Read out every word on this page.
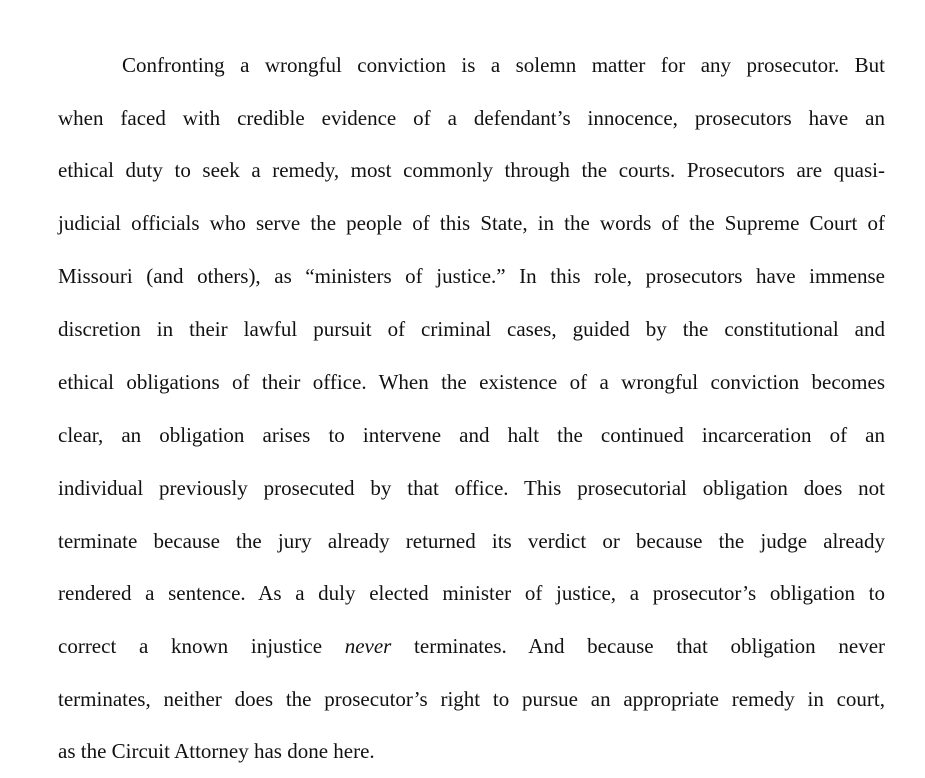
Confronting a wrongful conviction is a solemn matter for any prosecutor. But
when faced with credible evidence of a defendant’s innocence, prosecutors have an
ethical duty to seek a remedy, most commonly through the courts. Prosecutors are quasi-
judicial officials who serve the people of this State, in the words of the Supreme Court of
Missouri (and others), as “ministers of justice.” In this role, prosecutors have immense
discretion in their lawful pursuit of criminal cases, guided by the constitutional and
ethical obligations of their office. When the existence of a wrongful conviction becomes
clear, an obligation arises to intervene and halt the continued incarceration of an
individual previously prosecuted by that office. This prosecutorial obligation does not
terminate because the jury already returned its verdict or because the judge already
rendered a sentence. As a duly elected minister of justice, a prosecutor’s obligation to
correct a known injustice never terminates. And because that obligation never
terminates, neither does the prosecutor’s right to pursue an appropriate remedy in court,
as the Circuit Attorney has done here.
